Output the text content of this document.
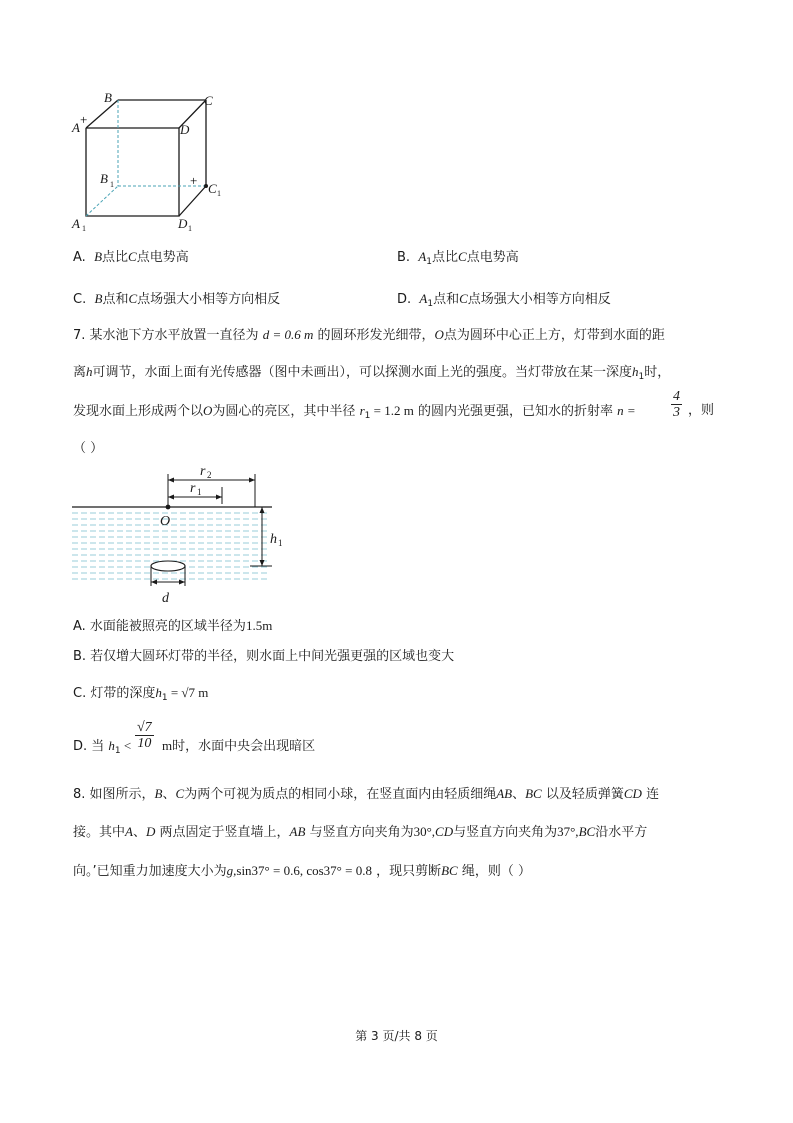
+
+
B	C
A	D
B
C
A	D
1
1
1	1
A. B点比C点电势高	B. $A_1$点比C点电势高
C. B点和C点场强大小相等方向相反	D. $A_1$点和C点场强大小相等方向相反
7. 某水池下方水平放置一直径为 d = 0.6 m 的圆环形发光细带，O点为圆环中心正上方，灯带到水面的距
离h可调节，水面上面有光传感器（图中未画出），可以探测水面上光的强度。当灯带放在某一深度$h_1$时，
发现水面上形成两个以O为圆心的亮区，其中半径 $r_1 = 1.2$ m 的圆内光强更强，已知水的折射率 n =	$\frac{4}{3}$ ，则
（ ）
r
r
O
h
d
2
1
1
A. 水面能被照亮的区域半径为1.5m
B. 若仅增大圆环灯带的半径，则水面上中间光强更强的区域也变大
C. 灯带的深度$h_1 = √7$ m
D. 当 $h_1 < \frac{√7}{10}$ m时，水面中央会出现暗区
8. 如图所示，B、C为两个可视为质点的相同小球，在竖直面内由轻质细绳AB、BC 以及轻质弹簧CD 连
接。其中A、D 两点固定于竖直墙上，AB 与竖直方向夹角为30°,CD与竖直方向夹角为37°,BC沿水平方
向。’已知重力加速度大小为g,sin37° = 0.6, cos37° = 0.8 ，现只剪断BC 绳，则（ ）
第 3 页/共 8 页
